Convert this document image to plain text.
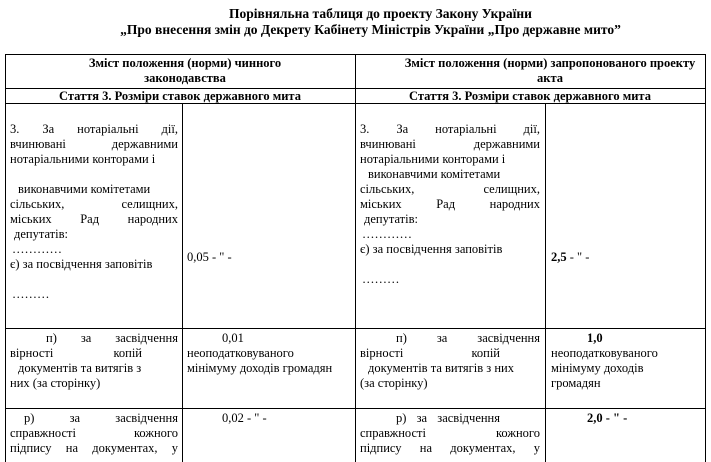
Порівняльна таблиця до проекту Закону України
„Про внесення змін до Декрету Кабінету Міністрів України „Про державне мито”
Зміст положення (норми) чинного законодавства
Зміст положення (норми) запропонованого проекту акта
Стаття 3. Розміри ставок державного мита	Стаття 3. Розміри ставок державного мита
3. За нотаріальні дії,
вчинювані державними
нотаріальними конторами і
виконавчими комітетами
сільських, селищних,
міських Рад народних
депутатів:
…………
є) за посвідчення заповітів
………
0,05 - " -
3. За нотаріальні дії,
вчинювані державними
нотаріальними конторами і
виконавчими комітетами
сільських, селищних,
міських Рад народних
депутатів:
…………
є) за посвідчення заповітів
………
2,5 - " -
п) за засвідчення
вірності копій
документів та витягів з
них (за сторінку)
0,01
неоподатковуваного
мінімуму доходів громадян
п) за засвідчення
вірності копій
документів та витягів з них
(за сторінку)
1,0
неоподатковуваного
мінімуму доходів
громадян
р) за засвідчення
справжності кожного
підпису на документах, у
0,02 - " -	р) за засвідчення
справжності кожного
підпису на документах, у
2,0 - " -
